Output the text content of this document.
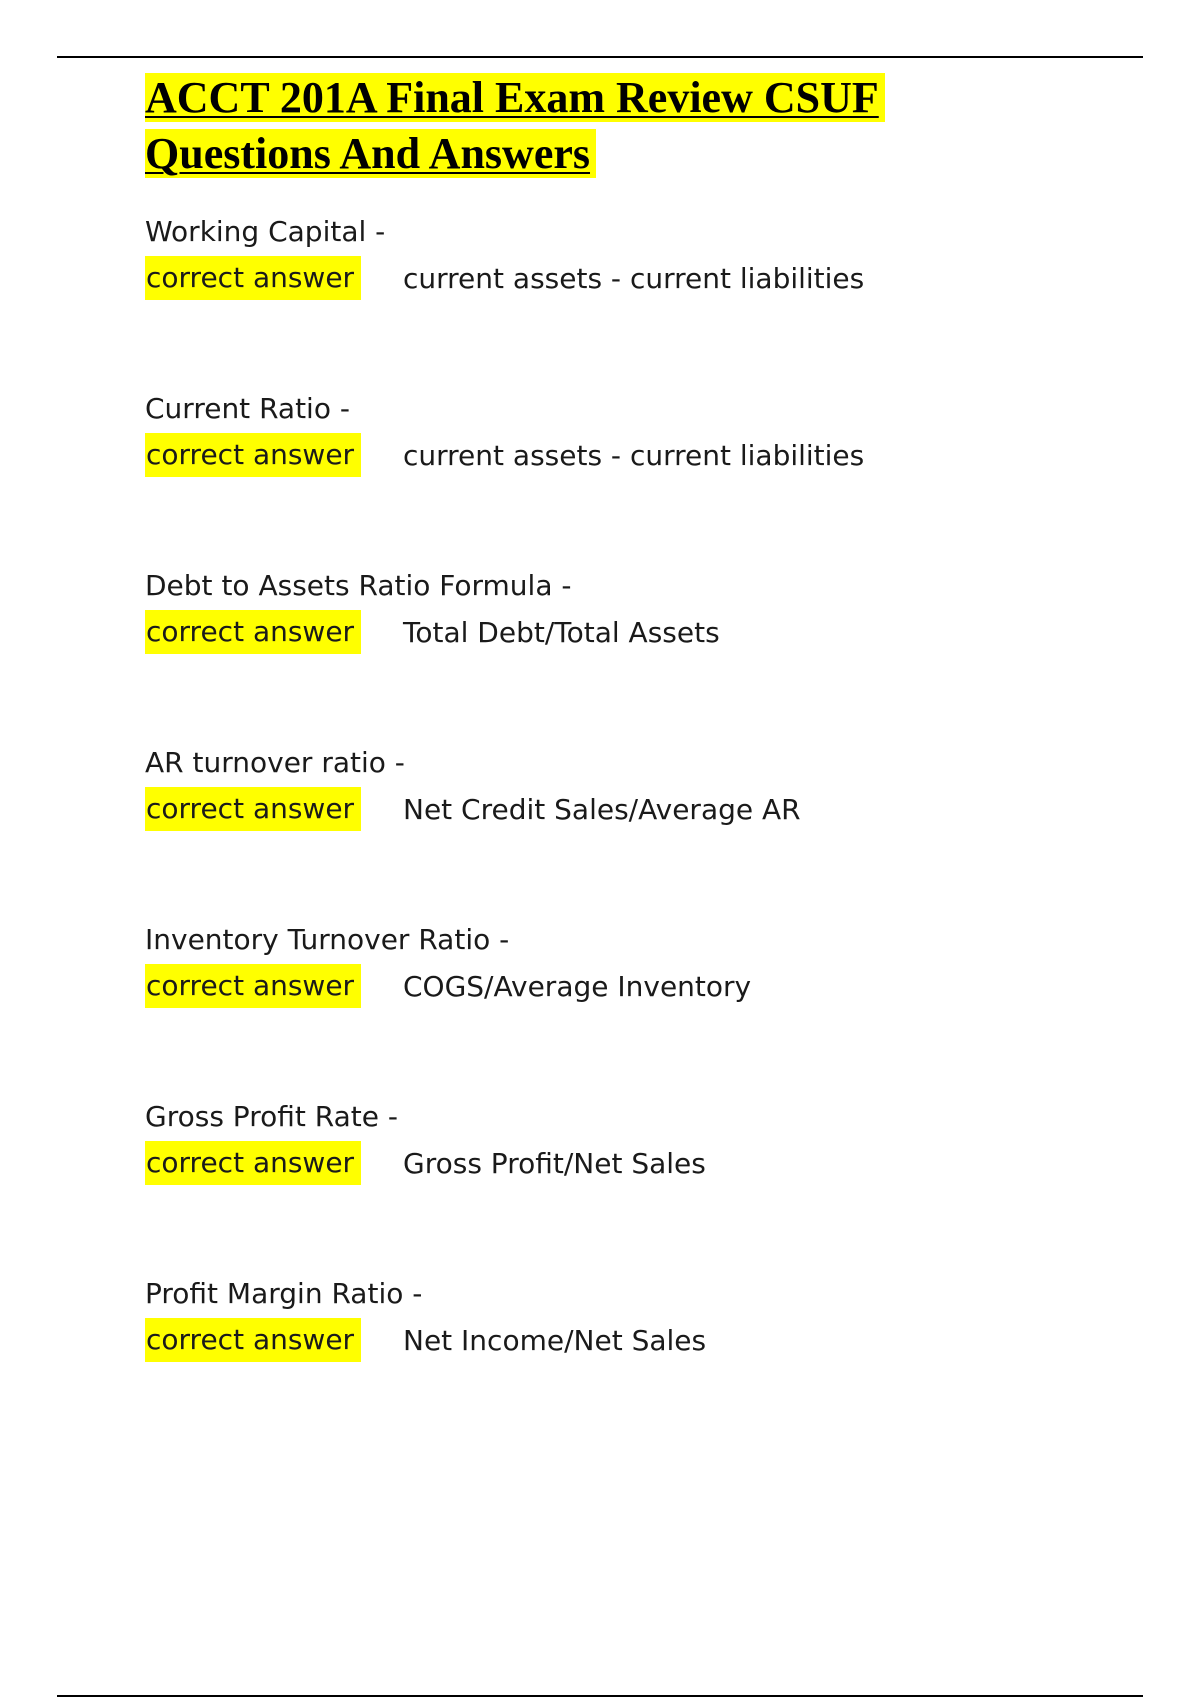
ACCT 201A Final Exam Review CSUF
Questions And Answers
Working Capital -
correct answer current assets - current liabilities
Current Ratio -
correct answer current assets - current liabilities
Debt to Assets Ratio Formula -
correct answer Total Debt/Total Assets
AR turnover ratio -
correct answer Net Credit Sales/Average AR
Inventory Turnover Ratio -
correct answer COGS/Average Inventory
Gross Profit Rate -
correct answer Gross Profit/Net Sales
Profit Margin Ratio -
correct answer Net Income/Net Sales
